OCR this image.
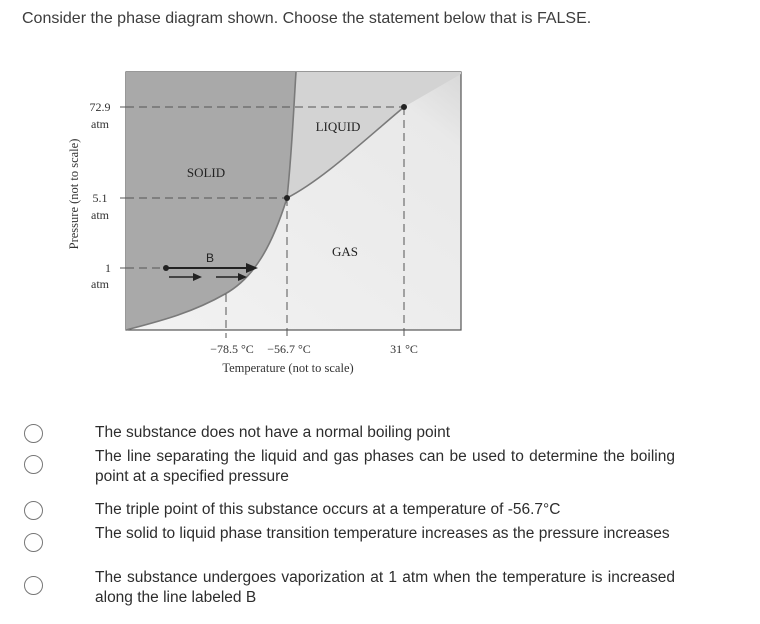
Consider the phase diagram shown. Choose the statement below that is FALSE.
SOLID
LIQUID
GAS
B
72.9
atm
5.1
atm
1
atm
Pressure (not to scale)
−78.5 °C −56.7 °C	31 °C
Temperature (not to scale)
The substance does not have a normal boiling point
The line separating the liquid and gas phases can be used to determine the boiling point at a specified pressure
The triple point of this substance occurs at a temperature of -56.7°C
The solid to liquid phase transition temperature increases as the pressure increases
The substance undergoes vaporization at 1 atm when the temperature is increased along the line labeled B
